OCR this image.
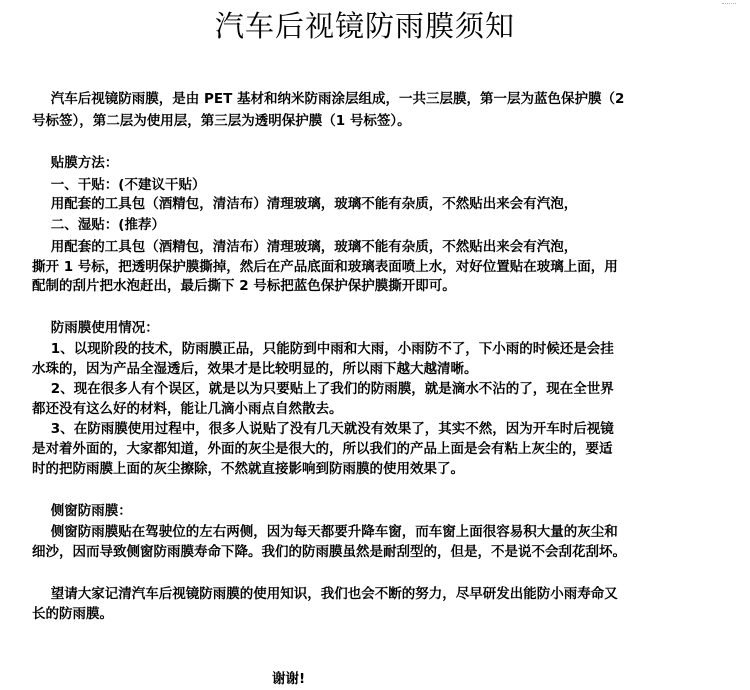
汽车后视镜防雨膜须知
汽车后视镜防雨膜，是由 PET 基材和纳米防雨涂层组成，一共三层膜，第一层为蓝色保护膜（2
号标签），第二层为使用层，第三层为透明保护膜（1 号标签）。
贴膜方法：
一、干贴：(不建议干贴）
用配套的工具包（酒精包，清洁布）清理玻璃，玻璃不能有杂质，不然贴出来会有汽泡，
二、湿贴：(推荐）
用配套的工具包（酒精包，清洁布）清理玻璃，玻璃不能有杂质，不然贴出来会有汽泡，
撕开 1 号标，把透明保护膜撕掉，然后在产品底面和玻璃表面喷上水，对好位置贴在玻璃上面，用
配制的刮片把水泡赶出，最后撕下 2 号标把蓝色保护保护膜撕开即可。
防雨膜使用情况：
1、以现阶段的技术，防雨膜正品，只能防到中雨和大雨，小雨防不了，下小雨的时候还是会挂
水珠的，因为产品全湿透后，效果才是比较明显的，所以雨下越大越清晰。
2、现在很多人有个误区，就是以为只要贴上了我们的防雨膜，就是滴水不沾的了，现在全世界
都还没有这么好的材料，能让几滴小雨点自然散去。
3、在防雨膜使用过程中，很多人说贴了没有几天就没有效果了，其实不然，因为开车时后视镜
是对着外面的，大家都知道，外面的灰尘是很大的，所以我们的产品上面是会有粘上灰尘的，要适
时的把防雨膜上面的灰尘擦除，不然就直接影响到防雨膜的使用效果了。
侧窗防雨膜：
侧窗防雨膜贴在驾驶位的左右两侧，因为每天都要升降车窗，而车窗上面很容易积大量的灰尘和
细沙，因而导致侧窗防雨膜寿命下降。我们的防雨膜虽然是耐刮型的，但是，不是说不会刮花刮坏。
望请大家记清汽车后视镜防雨膜的使用知识，我们也会不断的努力，尽早研发出能防小雨寿命又
长的防雨膜。
谢谢!
